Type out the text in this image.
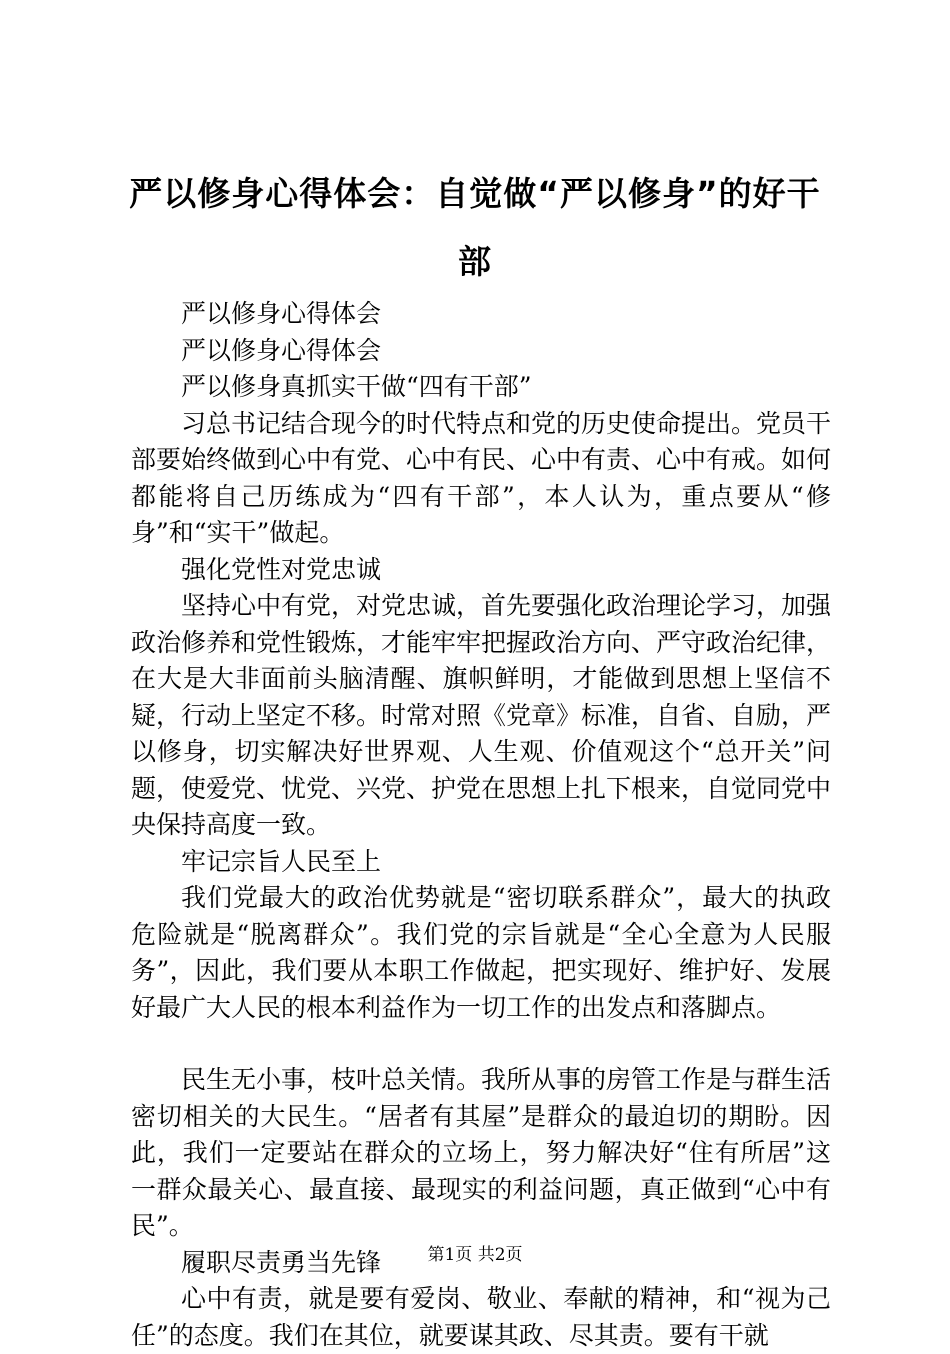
严以修身心得体会：自觉做“严以修身”的好干部

严以修身心得体会

严以修身心得体会

严以修身真抓实干做“四有干部”

习总书记结合现今的时代特点和党的历史使命提出。党员干部要始终做到心中有党、心中有民、心中有责、心中有戒。如何都能将自己历练成为“四有干部”，本人认为，重点要从“修身”和“实干”做起。

强化党性对党忠诚

坚持心中有党，对党忠诚，首先要强化政治理论学习，加强政治修养和党性锻炼，才能牢牢把握政治方向、严守政治纪律，在大是大非面前头脑清醒、旗帜鲜明，才能做到思想上坚信不疑，行动上坚定不移。时常对照《党章》标准，自省、自励，严以修身，切实解决好世界观、人生观、价值观这个“总开关”问题，使爱党、忧党、兴党、护党在思想上扎下根来，自觉同党中央保持高度一致。

牢记宗旨人民至上

我们党最大的政治优势就是“密切联系群众”，最大的执政危险就是“脱离群众”。我们党的宗旨就是“全心全意为人民服务”，因此，我们要从本职工作做起，把实现好、维护好、发展好最广大人民的根本利益作为一切工作的出发点和落脚点。

民生无小事，枝叶总关情。我所从事的房管工作是与群生活密切相关的大民生。“居者有其屋”是群众的最迫切的期盼。因此，我们一定要站在群众的立场上，努力解决好“住有所居”这一群众最关心、最直接、最现实的利益问题，真正做到“心中有民”。

履职尽责勇当先锋

心中有责，就是要有爱岗、敬业、奉献的精神，和“视为己任”的态度。我们在其位，就要谋其政、尽其责。要有干就

第1页 共2页
